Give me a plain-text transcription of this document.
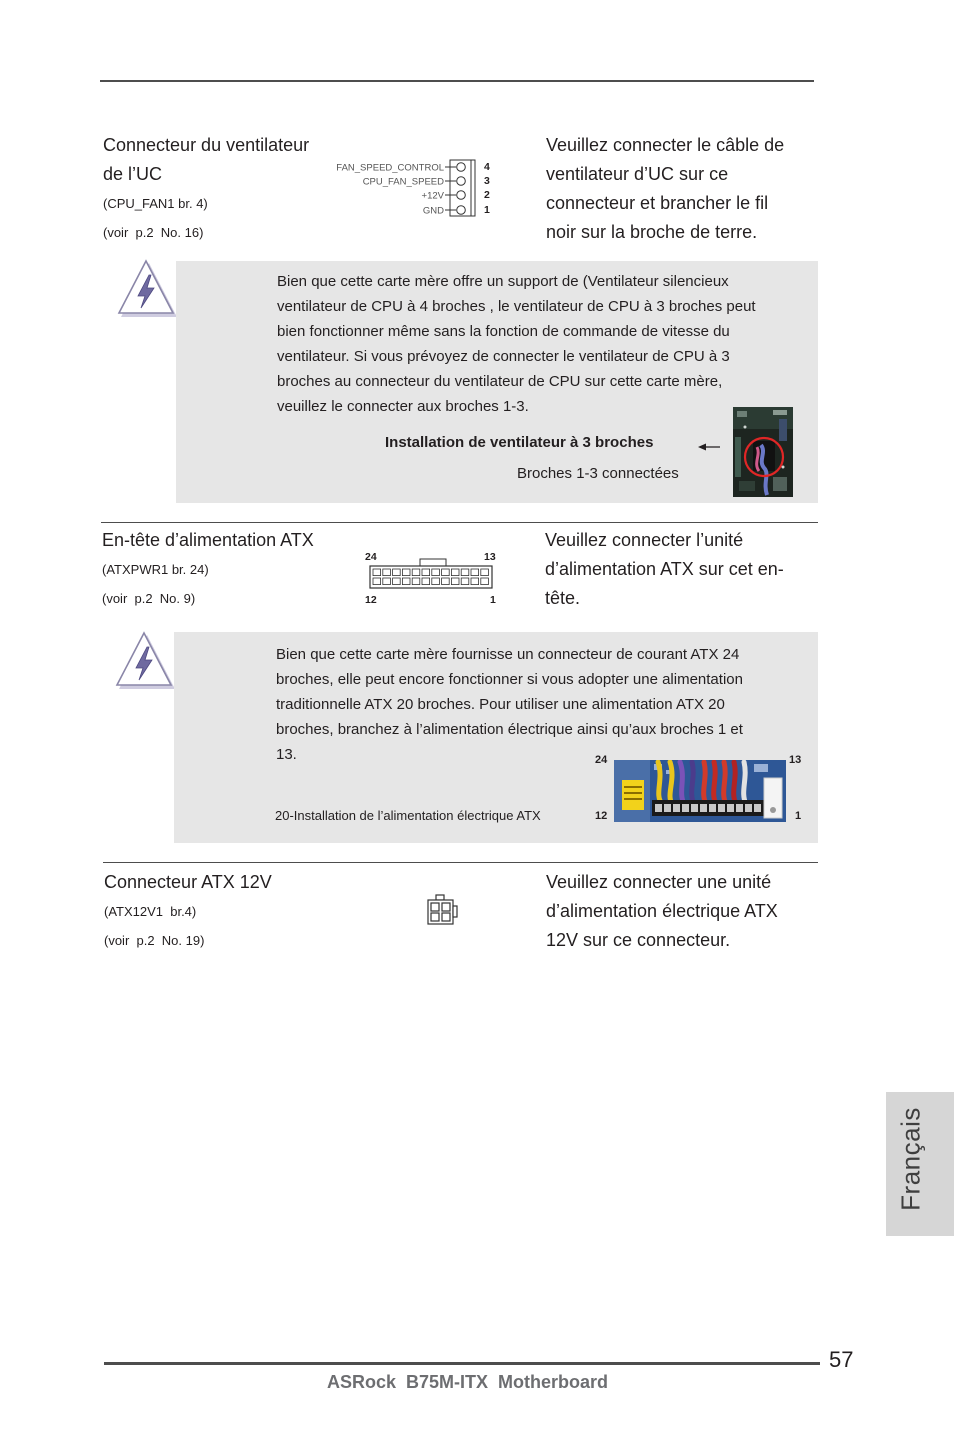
Connecteur du ventilateur
de l’UC
(CPU_FAN1 br. 4)
(voir  p.2  No. 16)
FAN_SPEED_CONTROL
CPU_FAN_SPEED
+12V
GND
4
3
2
1
Veuillez connecter le câble de
ventilateur d’UC sur ce
connecteur et brancher le fil
noir sur la broche de terre.
Bien que cette carte mère offre un support de (Ventilateur silencieux
ventilateur de CPU à 4 broches , le ventilateur de CPU à 3 broches peut
bien fonctionner même sans la fonction de commande de vitesse du
ventilateur. Si vous prévoyez de connecter le ventilateur de CPU à 3
broches au connecteur du ventilateur de CPU sur cette carte mère,
veuillez le connecter aux broches 1-3.
Installation de ventilateur à 3 broches
Broches 1-3 connectées
En-tête d’alimentation ATX
(ATXPWR1 br. 24)
(voir  p.2  No. 9)
24	13
12	1
Veuillez connecter l’unité
d’alimentation ATX sur cet en-
tête.
Bien que cette carte mère fournisse un connecteur de courant ATX 24
broches, elle peut encore fonctionner si vous adopter une alimentation
traditionnelle ATX 20 broches. Pour utiliser une alimentation ATX 20
broches, branchez à l’alimentation électrique ainsi qu’aux broches 1 et
13.
20-Installation de l’alimentation électrique ATX
24	13
12	1
Connecteur ATX 12V
(ATX12V1  br.4)
(voir  p.2  No. 19)
Veuillez connecter une unité
d’alimentation électrique ATX
12V sur ce connecteur.
Français
57
ASRock  B75M-ITX  Motherboard
